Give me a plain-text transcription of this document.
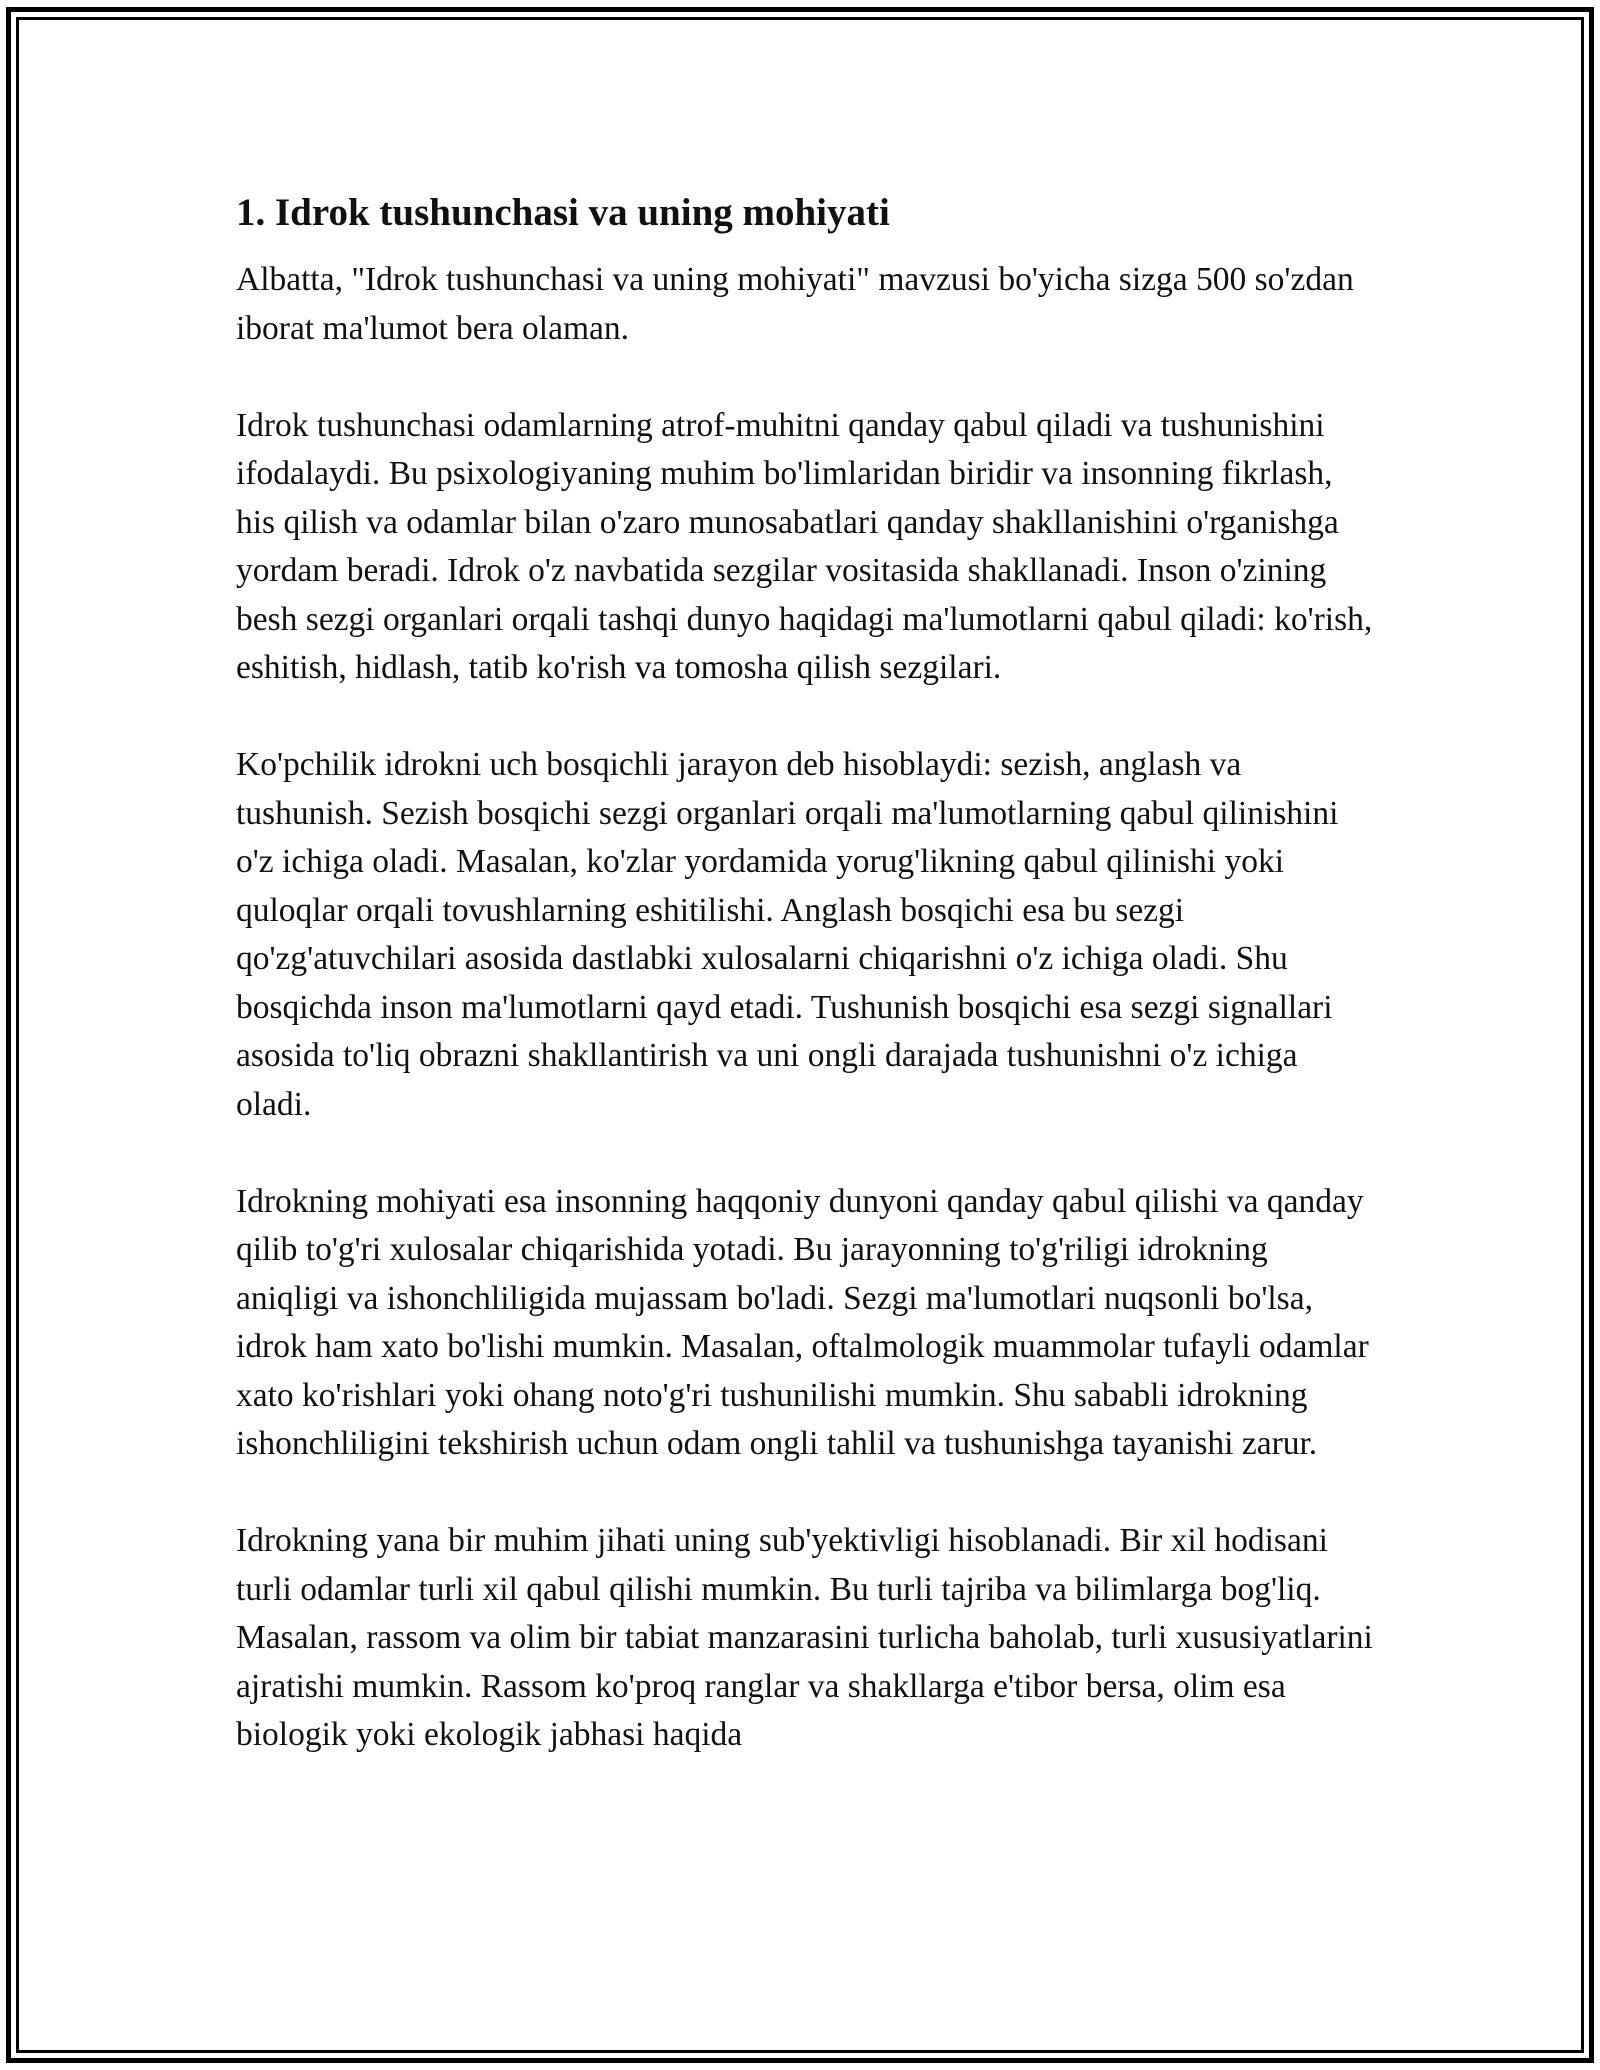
1. Idrok tushunchasi va uning mohiyati

Albatta, "Idrok tushunchasi va uning mohiyati" mavzusi bo'yicha sizga 500 so'zdan iborat ma'lumot bera olaman.

Idrok tushunchasi odamlarning atrof-muhitni qanday qabul qiladi va tushunishini ifodalaydi. Bu psixologiyaning muhim bo'limlaridan biridir va insonning fikrlash, his qilish va odamlar bilan o'zaro munosabatlari qanday shakllanishini o'rganishga yordam beradi. Idrok o'z navbatida sezgilar vositasida shakllanadi. Inson o'zining besh sezgi organlari orqali tashqi dunyo haqidagi ma'lumotlarni qabul qiladi: ko'rish, eshitish, hidlash, tatib ko'rish va tomosha qilish sezgilari.

Ko'pchilik idrokni uch bosqichli jarayon deb hisoblaydi: sezish, anglash va tushunish. Sezish bosqichi sezgi organlari orqali ma'lumotlarning qabul qilinishini o'z ichiga oladi. Masalan, ko'zlar yordamida yorug'likning qabul qilinishi yoki quloqlar orqali tovushlarning eshitilishi. Anglash bosqichi esa bu sezgi qo'zg'atuvchilari asosida dastlabki xulosalarni chiqarishni o'z ichiga oladi. Shu bosqichda inson ma'lumotlarni qayd etadi. Tushunish bosqichi esa sezgi signallari asosida to'liq obrazni shakllantirish va uni ongli darajada tushunishni o'z ichiga oladi.

Idrokning mohiyati esa insonning haqqoniy dunyoni qanday qabul qilishi va qanday qilib to'g'ri xulosalar chiqarishida yotadi. Bu jarayonning to'g'riligi idrokning aniqligi va ishonchliligida mujassam bo'ladi. Sezgi ma'lumotlari nuqsonli bo'lsa, idrok ham xato bo'lishi mumkin. Masalan, oftalmologik muammolar tufayli odamlar xato ko'rishlari yoki ohang noto'g'ri tushunilishi mumkin. Shu sababli idrokning ishonchliligini tekshirish uchun odam ongli tahlil va tushunishga tayanishi zarur.

Idrokning yana bir muhim jihati uning sub'yektivligi hisoblanadi. Bir xil hodisani turli odamlar turli xil qabul qilishi mumkin. Bu turli tajriba va bilimlarga bog'liq. Masalan, rassom va olim bir tabiat manzarasini turlicha baholab, turli xususiyatlarini ajratishi mumkin. Rassom ko'proq ranglar va shakllarga e'tibor bersa, olim esa biologik yoki ekologik jabhasi haqida
